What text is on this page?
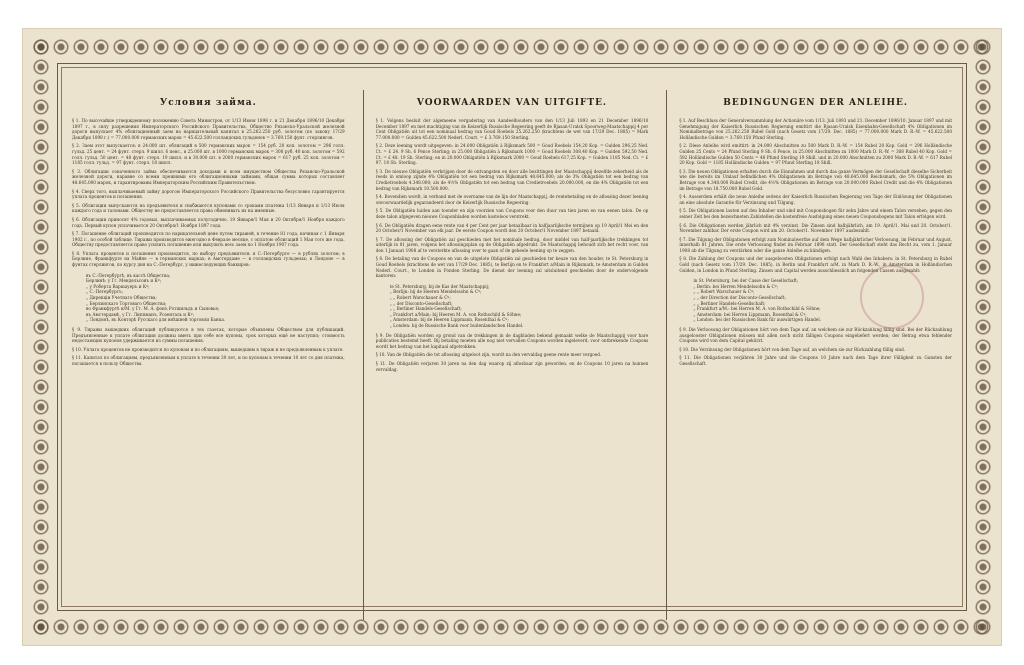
Условия займа.

§ 1. По высочайше утвержденному положению Совета Министров, от 1/13 Июня 1898 г. и 21 Декабря 1896/10 Декабря 1897 г., в силу разрешения Императорского Российского Правительства, Общество Рязанско-Уральской железной дороги выпускает 4% облигационный заем на нарицательный капитал в 25.262.250 руб. золотом (по закону 17/29 Декабря 1898 г.) = 77.000.000 германских марок = 45.622.500 голландских гульденов = 3.769.150 фунт. стерлингов.

§ 2. Заем этот выпускается: в 24.000 шт. облигаций в 500 германских марок = 154 руб. 20 коп. золотом = 296 голл. гульд. 25 цент. = 24 фунт. стерл. 9 шилл. 6 пенс., в 25.000 шт. в 1000 германских марок = 308 руб. 40 коп. золотом = 592 голл. гульд. 50 цент. = 48 фунт. стерл. 19 шилл. и в 30.000 шт. в 2000 германских марок = 617 руб. 25 коп. золотом = 1185 голл. гульд. = 97 фунт. стерл. 18 шилл.

§ 3. Облигации означенного займа обеспечиваются доходами и всем имуществом Общества Рязанско-Уральской железной дороги, наравне со всеми прежними его облигационными займами, общая сумма которых составляет 48.645.000 марок, и гарантированы Императорским Российским Правительством.

§ 4. Сверх того, выплачиваемый займу дорогою Императорского Российского Правительства безусловно гарантируется уплата процентов и погашения.

§ 5. Облигации выпускаются на предъявителя и снабжаются купонами со сроками платежа 1/13 Января и 1/13 Июля каждого года и талонами. Обществу не предоставляется права обменивать их на именные.

§ 6. Облигации приносят 4% годовых, выплачиваемых полугодично, 19 Января/1 Мая и 20 Октября/1 Ноября каждого года. Первый купон уплачивается 20 Октября/1 Ноября 1897 года.

§ 7. Погашение облигаций производится по нарицательной цене путем тиражей, в течение 81 года, начиная с 1 Января 1902 г., по особой таблице. Тиражи производятся ежегодно в Феврале месяце, с оплатою облигаций 1 Мая того же года. Обществу предоставляется право усилить погашение или выкупить весь заем по 1 Ноября 1907 года.

§ 8. Уплата процентов и погашения производится, по выбору предъявителя: в С.-Петербурге — в рублях золотом; в Берлине, Франкфурте на Майне — в германских марках; в Амстердаме — в голландских гульденах; в Лондоне — в фунтах стерлингов, по курсу дня на С.-Петербург, у нижеследующих банкиров:

въ С.-Петербургѣ, въ кассѣ Общества;
Берлинѣ: у Гг. Мендельсонъ и Кº;
„ у Роберта Варшауеръ и Кº;
„ С.-Петербургъ;
„ Дирекціи Учетнаго Общества;
„ Берлинскаго Торговаго Общества;
во Франкфуртѣ н/М. у Гг. М. А. фонъ Ротшильдъ и Сыновья;
въ Амстердамѣ, у Гг. Липпманъ, Розенталь и Кº;
„ Лондонѣ, въ Конторѣ Русскаго для внѣшней торговли Банка.

§ 9. Тиражи вышедших облигаций публикуются в тех газетах, которые объявлены Обществом для публикаций. Предъявленные к уплате облигации должны иметь при себе все купоны, срок которых ещё не наступил; стоимость недостающих купонов удерживается из суммы погашения.

§ 10. Уплата процентов не производится по купонам и по облигациям, вышедшим в тираж и не предъявленным к уплате.

§ 11. Капитал по облигациям, предъявленным к уплате в течении 30 лет, и по купонам в течении 10 лет со дня платежа, погашается в пользу Общества.

VOORWAARDEN VAN UITGIFTE.

§ 1. Volgens besluit der algemeene vergadering van Aandeelhouders van den 1/13 Juli 1893 en 21 December 1896/10 December 1897 en met machtiging van de Keizerlijk Russische Regeering geeft de Rjasan-Uralsk Spoorweg-Maatschappij 4 per Cent Obligatiën uit tot een nominaal bedrag van Goud Roebels 25.262.250 (krachtens de wet van 17/29 Dec. 1885) = Mark 77.000.000 = Gulden 45.622.500 Nederl. Court. = £ 3.769.150 Sterling.

§ 2. Deze leening wordt uitgegeven: in 24.000 Obligatiën à Rijksmark 500 = Goud Roebels 154,20 Kop. = Gulden 296,25 Ned. Ct. = £ 24. 9 Sh. 6 Pence Sterling; in 25.000 Obligatiën à Rijksmark 1000 = Goud Roebels 308,40 Kop. = Gulden 592,50 Ned. Ct. = £ 48. 19 Sh. Sterling; en in 20.000 Obligatiën à Rijksmark 2000 = Goud Roebels 617,25 Kop. = Gulden 1185 Ned. Ct. = £ 97. 18 Sh. Sterling.

§ 3. De nieuwe Obligatiën verkrijgen door de ontvangsten en door alle bezittingen der Maatschappij dezelfde zekerheid als de reeds in omloop zijnde 4% Obligatiën tot een bedrag van Rijksmark 48.645.000; als de 3% Obligatiën tot een bedrag van Credietroebels 4.348.000; als de 4½% Obligatiën tot een bedrag van Credietroebels 20.000.000, en die 4% Obligatiën tot een bedrag van Rijksmark 10.500.000.

§ 4. Bovendien wordt, in verband met de overname van de lijn der Maatschappij, de rentebetaling en de aflossing dezer leening onvoorwaardelijk gegarandeerd door de Keizerlijk Russische Regeering.

§ 5. De Obligatiën luiden aan toonder en zijn voorzien van Coupons voor den duur van tien jaren en van eenen talon. De op deze talon afgegeven nieuwe Couponbladen worden kosteloos verstrekt.

§ 6. De Obligatiën dragen eene rente van 4 per Cent per jaar betaalbaar in halfjaarlijksche termijnen op 19 April/1 Mei en den 20 October/1 November van elk jaar. De eerste Coupon wordt den 20 October/1 November 1897 betaald.

§ 7. De aflossing der Obligatiën zal geschieden met het nominale bedrag, door middel van half-jaarlijksche trekkingen tot uiterlijk in 81 jaren, volgens het aflossingsplan op de Obligatiën afgedrukt. De Maatschappij behoudt zich het recht voor, van den 1 Januari 1908 af te versterkte aflossing over te gaan of de geheele leening op te zeggen.

§ 8. De betaling van de Coupons en van de uitgelote Obligatiën zal geschieden ter keuze van den houder, te St. Petersburg in Goud Roebels (krachtens de wet van 17/29 Dec. 1885), te Berlijn en te Frankfort a/Main in Rijksmark, te Amsterdam in Gulden Nederl. Court., te Londen in Ponden Sterling. De dienst der leening zal uitsluitend geschieden door de ondervolgende kantoren:

te St. Petersburg, bij de Kas der Maatschappij;
„ Berlijn: bij de Heeren Mendelssohn & Cº;
„ „ Robert Warschauer & Cº;
„ „ der Disconto-Gesellschaft;
„ „ Berliner Handels-Gesellschaft;
„ Frankfort a/Main: bij Heeren M. A. von Rothschild & Söhne;
„ Amsterdam: bij de Heeren Lippmann, Rosenthal & Cº;
„ Londen: bij de Russische Bank voor buitenlandschen Handel.

§ 9. De Obligatiën worden op grond van de trekkingen in de dagbladen bekend gemaakt welke de Maatschappij voor hare publicaties bestemd heeft. Bij betaling moeten alle nog niet vervallen Coupons worden ingeleverd; voor ontbrekende Coupons wordt het bedrag van het kapitaal afgetrokken.

§ 10. Van de Obligatiën die tot aflossing uitgeloot zijn, wordt na den vervaldag geene rente meer vergoed.

§ 11. De Obligatiën verjaren 30 jaren na den dag waarop zij aflosbaar zijn geworden, en de Coupons 10 jaren na hunnen vervaldag.

BEDINGUNGEN DER ANLEIHE.

§ 1. Auf Beschluss der Generalversammlung der Actionäre vom 1/13. Juli 1893 und 21. December 1896/10. Januar 1897 und mit Genehmigung der Kaiserlich Russischen Regierung emittirt die Rjasan-Uralsk Eisenbahn-Gesellschaft 4% Obligationen im Nominalbetrage von 25.262.250 Rubel Gold (nach Gesetz vom 17/29. Dec. 1885) = 77.000.000 Mark D. R.-W. = 45.622.500 Holländische Gulden = 3.769.150 Pfund Sterling.

§ 2. Diese Anleihe wird emittirt: in 24.000 Abschnitten zu 500 Mark D. R.-W. = 154 Rubel 20 Kop. Gold = 296 Holländische Gulden 25 Cents = 24 Pfund Sterling 9 Sh. 6 Pence, in 25.000 Abschnitten zu 1000 Mark D. R.-W. = 308 Rubel 40 Kop. Gold = 592 Holländische Gulden 50 Cents = 48 Pfund Sterling 19 Shill. und in 20.000 Abschnitten zu 2000 Mark D. R.-W. = 617 Rubel 20 Kop. Gold = 1185 Holländische Gulden = 97 Pfund Sterling 18 Shill.

§ 3. Die neuen Obligationen erhalten durch die Einnahmen und durch das ganze Vermögen der Gesellschaft dieselbe Sicherheit wie die bereits im Umlauf befindlichen 4% Obligationen im Betrage von 48.645.000 Reichsmark, die 5% Obligationen im Betrage von 4.348.000 Rubel Credit, die 4½% Obligationen im Betrage von 20.000.000 Rubel Credit und die 4% Obligationen im Betrage von 18.750.000 Rubel Gold.

§ 4. Ausserdem erhält die neue Anleihe seitens der Kaiserlich Russischen Regierung von Tage der Einlösung der Obligationen an eine absolute Garantie für Verzinsung und Tilgung.

§ 5. Die Obligationen lauten auf den Inhaber und sind mit Couponsbogen für zehn Jahre und einem Talon versehen, gegen den seiner Zeit bei den bezeichneten Zahlstellen die kostenfreie Ausfolgung eines neuen Couponsbogens mit Talon erfolgen wird.

§ 6. Die Obligationen werden jährlich mit 4% verzinst. Die Zinsen sind halbjährlich, am 19. April/1. Mai und 20. October/1. November zahlbar. Der erste Coupon wird am 20. October/1. November 1897 ausbezahlt.

§ 7. Die Tilgung der Obligationen erfolgt zum Nominalwerthe auf dem Wege halbjährlicher Verloosung, im Februar und August, innerhalb 81 Jahren. Die erste Verloosung findet im Februar 1898 statt. Der Gesellschaft steht das Recht zu, vom 1. Januar 1908 ab die Tilgung zu verstärken oder die ganze Anleihe zu kündigen.

§ 8. Die Zahlung der Coupons und der ausgeloosten Obligationen erfolgt nach Wahl des Inhabers: in St. Petersburg in Rubel Gold (nach Gesetz vom 17/29. Dec. 1885), in Berlin und Frankfurt a/M. in Mark D. R.-W., in Amsterdam in Holländischen Gulden, in London in Pfund Sterling. Zinsen und Capital werden ausschliesslich an folgenden Cassen ausgezahlt:

in St. Petersburg, bei der Casse der Gesellschaft;
„ Berlin: bei Herren Mendelssohn & Cº;
„ „ Robert Warschauer & Cº;
„ „ der Direction der Disconto-Gesellschaft;
„ „ Berliner Handels-Gesellschaft;
„ Frankfurt a/M.: bei Herren M. A. von Rothschild & Söhne;
„ Amsterdam: bei Herren Lippmann, Rosenthal & Cº;
„ London: bei der Russischen Bank für auswärtigen Handel.

§ 9. Die Verloosung der Obligationen hört von dem Tage auf, an welchem sie zur Rückzahlung fällig sind. Bei der Rückzahlung ausgelooster Obligationen müssen mit allen noch nicht fälligen Coupons eingeliefert werden; der Betrag etwa fehlender Coupons wird von dem Capital gekürzt.

§ 10. Die Verzinsung der Obligationen hört von dem Tage auf, an welchem sie zur Rückzahlung fällig sind.

§ 11. Die Obligationen verjähren 30 Jahre und die Coupons 10 Jahre nach dem Tage ihrer Fälligkeit zu Gunsten der Gesellschaft.
